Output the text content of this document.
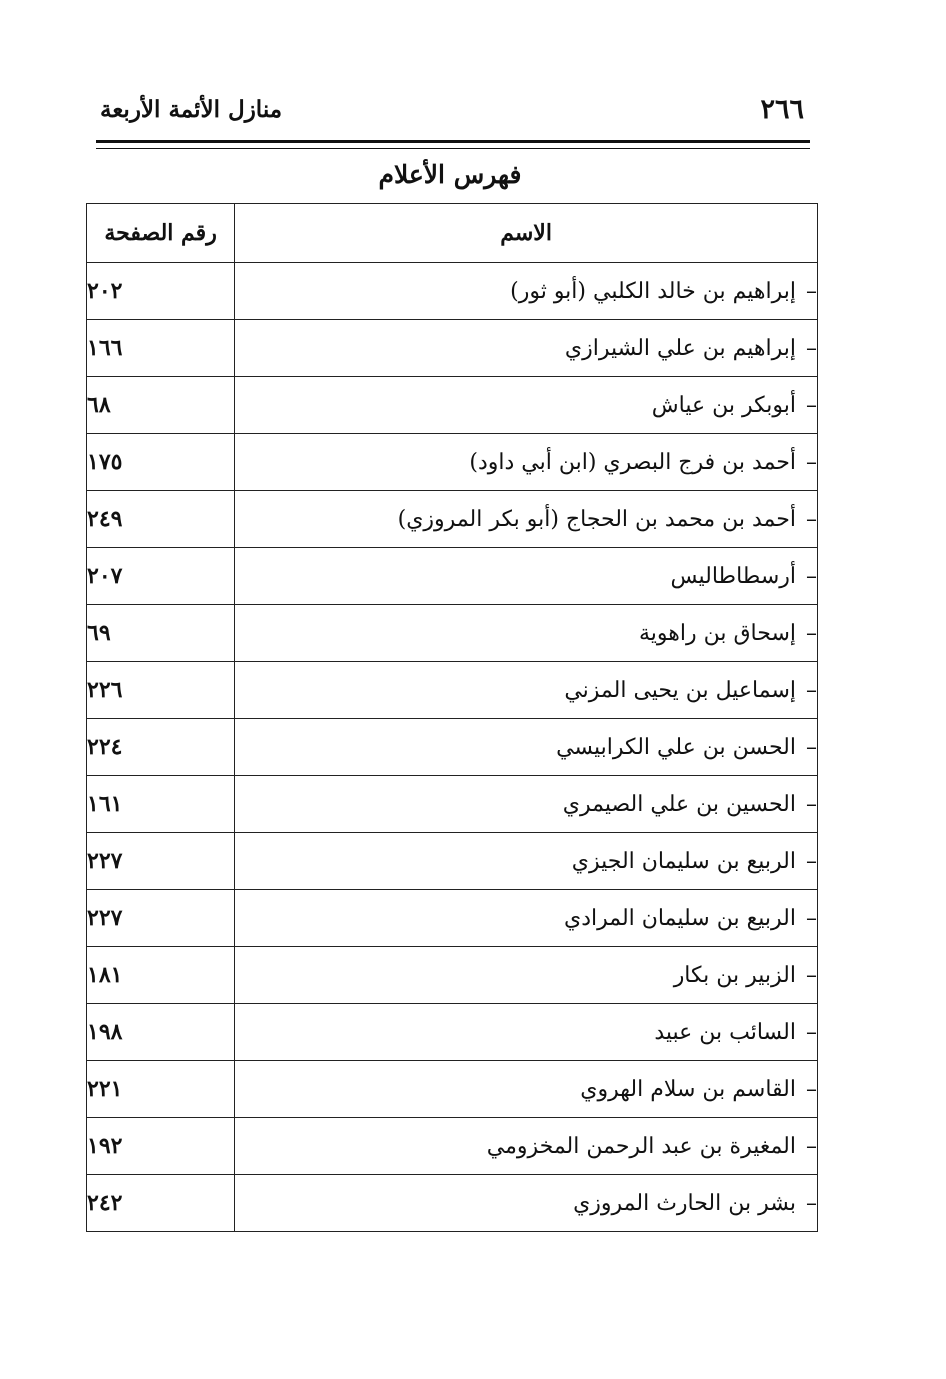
٢٦٦
منازل الأئمة الأربعة
فهرس الأعلام
الاسم	رقم الصفحة
–إبراهيم بن خالد الكلبي (أبو ثور)	٢٠٢
–إبراهيم بن علي الشيرازي	١٦٦
–أبوبكر بن عياش	٦٨
–أحمد بن فرج البصري (ابن أبي داود)	١٧٥
–أحمد بن محمد بن الحجاج (أبو بكر المروزي)	٢٤٩
–أرسطاطاليس	٢٠٧
–إسحاق بن راهوية	٦٩
–إسماعيل بن يحيى المزني	٢٢٦
–الحسن بن علي الكرابيسي	٢٢٤
–الحسين بن علي الصيمري	١٦١
–الربيع بن سليمان الجيزي	٢٢٧
–الربيع بن سليمان المرادي	٢٢٧
–الزبير بن بكار	١٨١
–السائب بن عبيد	١٩٨
–القاسم بن سلام الهروي	٢٢١
–المغيرة بن عبد الرحمن المخزومي	١٩٢
–بشر بن الحارث المروزي	٢٤٢
